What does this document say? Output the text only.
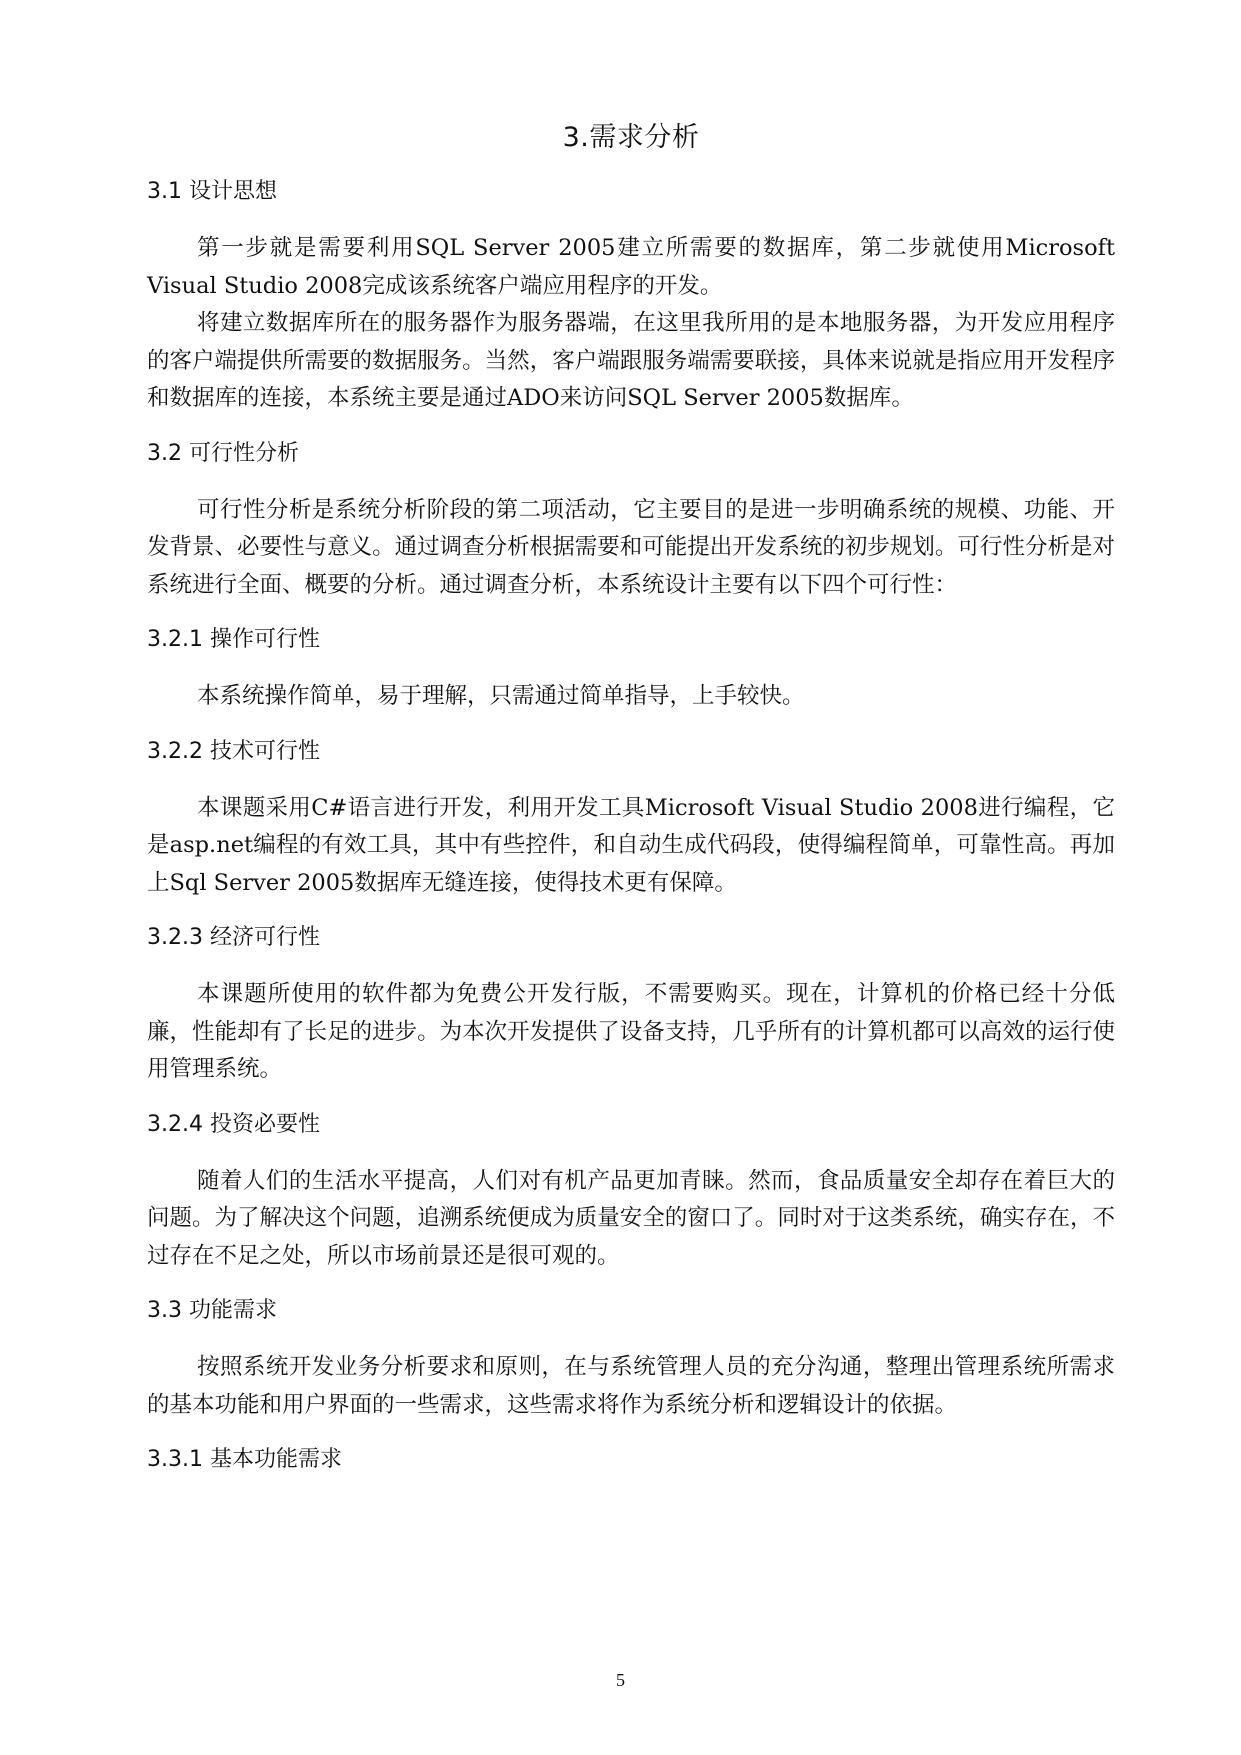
3.需求分析
3.1 设计思想

第一步就是需要利用SQL Server 2005建立所需要的数据库，第二步就使用Microsoft Visual Studio 2008完成该系统客户端应用程序的开发。

将建立数据库所在的服务器作为服务器端，在这里我所用的是本地服务器，为开发应用程序的客户端提供所需要的数据服务。当然，客户端跟服务端需要联接，具体来说就是指应用开发程序和数据库的连接，本系统主要是通过ADO来访问SQL Server 2005数据库。

3.2 可行性分析

可行性分析是系统分析阶段的第二项活动，它主要目的是进一步明确系统的规模、功能、开发背景、必要性与意义。通过调查分析根据需要和可能提出开发系统的初步规划。可行性分析是对系统进行全面、概要的分析。通过调查分析，本系统设计主要有以下四个可行性：

3.2.1 操作可行性

本系统操作简单，易于理解，只需通过简单指导，上手较快。

3.2.2 技术可行性

本课题采用C#语言进行开发，利用开发工具Microsoft Visual Studio 2008进行编程，它是asp.net编程的有效工具，其中有些控件，和自动生成代码段，使得编程简单，可靠性高。再加上Sql Server 2005数据库无缝连接，使得技术更有保障。

3.2.3 经济可行性

本课题所使用的软件都为免费公开发行版，不需要购买。现在，计算机的价格已经十分低廉，性能却有了长足的进步。为本次开发提供了设备支持，几乎所有的计算机都可以高效的运行使用管理系统。

3.2.4 投资必要性

随着人们的生活水平提高，人们对有机产品更加青睐。然而，食品质量安全却存在着巨大的问题。为了解决这个问题，追溯系统便成为质量安全的窗口了。同时对于这类系统，确实存在，不过存在不足之处，所以市场前景还是很可观的。

3.3 功能需求

按照系统开发业务分析要求和原则，在与系统管理人员的充分沟通，整理出管理系统所需求的基本功能和用户界面的一些需求，这些需求将作为系统分析和逻辑设计的依据。

3.3.1 基本功能需求
5
